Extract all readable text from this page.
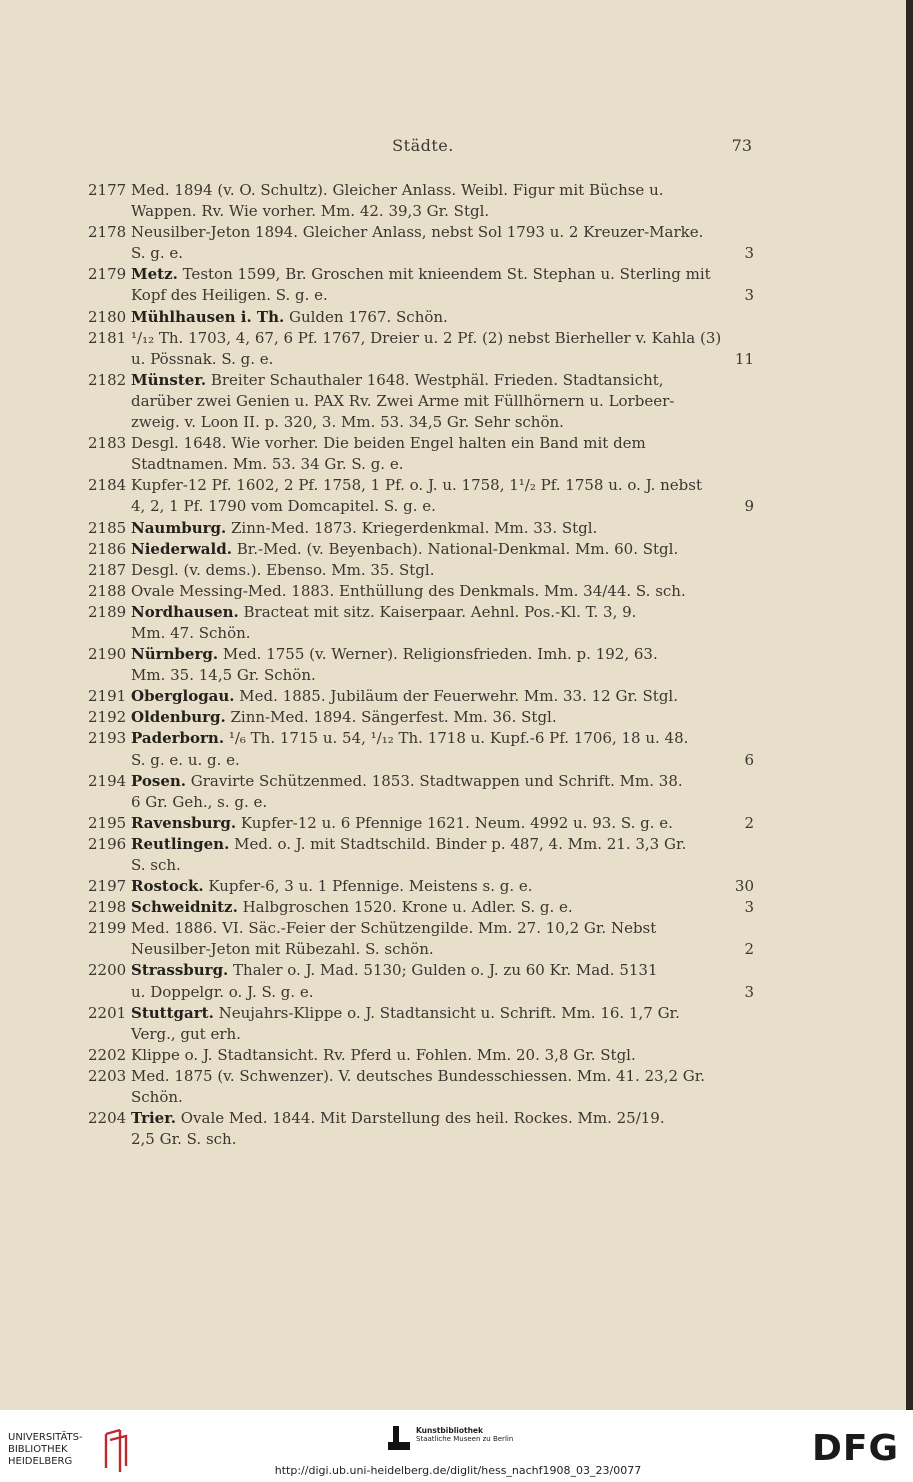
Städte.	73
2177 Med. 1894 (v. O. Schultz). Gleicher Anlass. Weibl. Figur mit Büchse u.
Wappen. Rv. Wie vorher. Mm. 42. 39,3 Gr. Stgl.
2178 Neusilber-Jeton 1894. Gleicher Anlass, nebst Sol 1793 u. 2 Kreuzer-Marke.
S. g. e.	3
2179 Metz. Teston 1599, Br. Groschen mit knieendem St. Stephan u. Sterling mit
Kopf des Heiligen. S. g. e.	3
2180 Mühlhausen i. Th. Gulden 1767. Schön.
2181 ¹/₁₂ Th. 1703, 4, 67, 6 Pf. 1767, Dreier u. 2 Pf. (2) nebst Bierheller v. Kahla (3)
u. Pössnak. S. g. e.	11
2182 Münster. Breiter Schauthaler 1648. Westphäl. Frieden. Stadtansicht,
darüber zwei Genien u. PAX Rv. Zwei Arme mit Füllhörnern u. Lorbeer-
zweig. v. Loon II. p. 320, 3. Mm. 53. 34,5 Gr. Sehr schön.
2183 Desgl. 1648. Wie vorher. Die beiden Engel halten ein Band mit dem
Stadtnamen. Mm. 53. 34 Gr. S. g. e.
2184 Kupfer-12 Pf. 1602, 2 Pf. 1758, 1 Pf. o. J. u. 1758, 1¹/₂ Pf. 1758 u. o. J. nebst
4, 2, 1 Pf. 1790 vom Domcapitel. S. g. e.	9
2185 Naumburg. Zinn-Med. 1873. Kriegerdenkmal. Mm. 33. Stgl.
2186 Niederwald. Br.-Med. (v. Beyenbach). National-Denkmal. Mm. 60. Stgl.
2187 Desgl. (v. dems.). Ebenso. Mm. 35. Stgl.
2188 Ovale Messing-Med. 1883. Enthüllung des Denkmals. Mm. 34/44. S. sch.
2189 Nordhausen. Bracteat mit sitz. Kaiserpaar. Aehnl. Pos.-Kl. T. 3, 9.
Mm. 47. Schön.
2190 Nürnberg. Med. 1755 (v. Werner). Religionsfrieden. Imh. p. 192, 63.
Mm. 35. 14,5 Gr. Schön.
2191 Oberglogau. Med. 1885. Jubiläum der Feuerwehr. Mm. 33. 12 Gr. Stgl.
2192 Oldenburg. Zinn-Med. 1894. Sängerfest. Mm. 36. Stgl.
2193 Paderborn. ¹/₆ Th. 1715 u. 54, ¹/₁₂ Th. 1718 u. Kupf.-6 Pf. 1706, 18 u. 48.
S. g. e. u. g. e.	6
2194 Posen. Gravirte Schützenmed. 1853. Stadtwappen und Schrift. Mm. 38.
6 Gr. Geh., s. g. e.
2195 Ravensburg. Kupfer-12 u. 6 Pfennige 1621. Neum. 4992 u. 93. S. g. e.	2
2196 Reutlingen. Med. o. J. mit Stadtschild. Binder p. 487, 4. Mm. 21. 3,3 Gr.
S. sch.
2197 Rostock. Kupfer-6, 3 u. 1 Pfennige. Meistens s. g. e.	30
2198 Schweidnitz. Halbgroschen 1520. Krone u. Adler. S. g. e.	3
2199 Med. 1886. VI. Säc.-Feier der Schützengilde. Mm. 27. 10,2 Gr. Nebst
Neusilber-Jeton mit Rübezahl. S. schön.	2
2200 Strassburg. Thaler o. J. Mad. 5130; Gulden o. J. zu 60 Kr. Mad. 5131
u. Doppelgr. o. J. S. g. e.	3
2201 Stuttgart. Neujahrs-Klippe o. J. Stadtansicht u. Schrift. Mm. 16. 1,7 Gr.
Verg., gut erh.
2202 Klippe o. J. Stadtansicht. Rv. Pferd u. Fohlen. Mm. 20. 3,8 Gr. Stgl.
2203 Med. 1875 (v. Schwenzer). V. deutsches Bundesschiessen. Mm. 41. 23,2 Gr.
Schön.
2204 Trier. Ovale Med. 1844. Mit Darstellung des heil. Rockes. Mm. 25/19.
2,5 Gr. S. sch.
UNIVERSITÄTS-
BIBLIOTHEK
HEIDELBERG
Kunstbibliothek
Staatliche Museen zu Berlin	DFG
http://digi.ub.uni-heidelberg.de/diglit/hess_nachf1908_03_23/0077
